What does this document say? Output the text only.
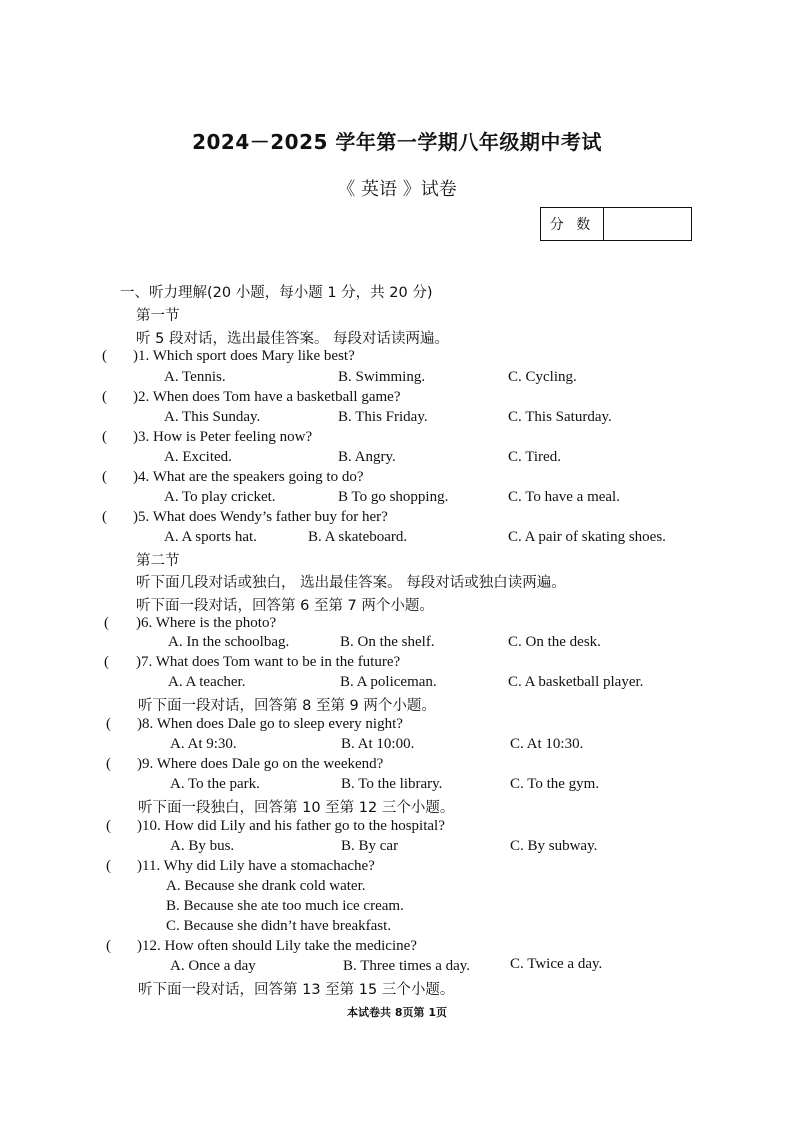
2024－2025 学年第一学期八年级期中考试
《 英语 》试卷
分 数
一、听力理解(20 小题，每小题 1 分，共 20 分)
第一节
听 5 段对话，选出最佳答案。 每段对话读两遍。
( )1. Which sport does Mary like best?
A. Tennis.	B. Swimming.	C. Cycling.
( )2. When does Tom have a basketball game?
A. This Sunday.	B. This Friday.	C. This Saturday.
( )3. How is Peter feeling now?
A. Excited.	B. Angry.	C. Tired.
( )4. What are the speakers going to do?
A. To play cricket.	B To go shopping.	C. To have a meal.
( )5. What does Wendy’s father buy for her?
A. A sports hat.	B. A skateboard.	C. A pair of skating shoes.
第二节
听下面几段对话或独白， 选出最佳答案。 每段对话或独白读两遍。
听下面一段对话，回答第 6 至第 7 两个小题。
( )6. Where is the photo?
A. In the schoolbag.	B. On the shelf.	C. On the desk.
( )7. What does Tom want to be in the future?
A. A teacher.	B. A policeman.	C. A basketball player.
听下面一段对话，回答第 8 至第 9 两个小题。
( )8. When does Dale go to sleep every night?
A. At 9:30.	B. At 10:00.	C. At 10:30.
( )9. Where does Dale go on the weekend?
A. To the park.	B. To the library.	C. To the gym.
听下面一段独白，回答第 10 至第 12 三个小题。
( )10. How did Lily and his father go to the hospital?
A. By bus.	B. By car	C. By subway.
( )11. Why did Lily have a stomachache?
A. Because she drank cold water.
B. Because she ate too much ice cream.
C. Because she didn’t have breakfast.
( )12. How often should Lily take the medicine?
A. Once a day	B. Three times a day.	C. Twice a day.
听下面一段对话，回答第 13 至第 15 三个小题。
本试卷共 8页第 1页
